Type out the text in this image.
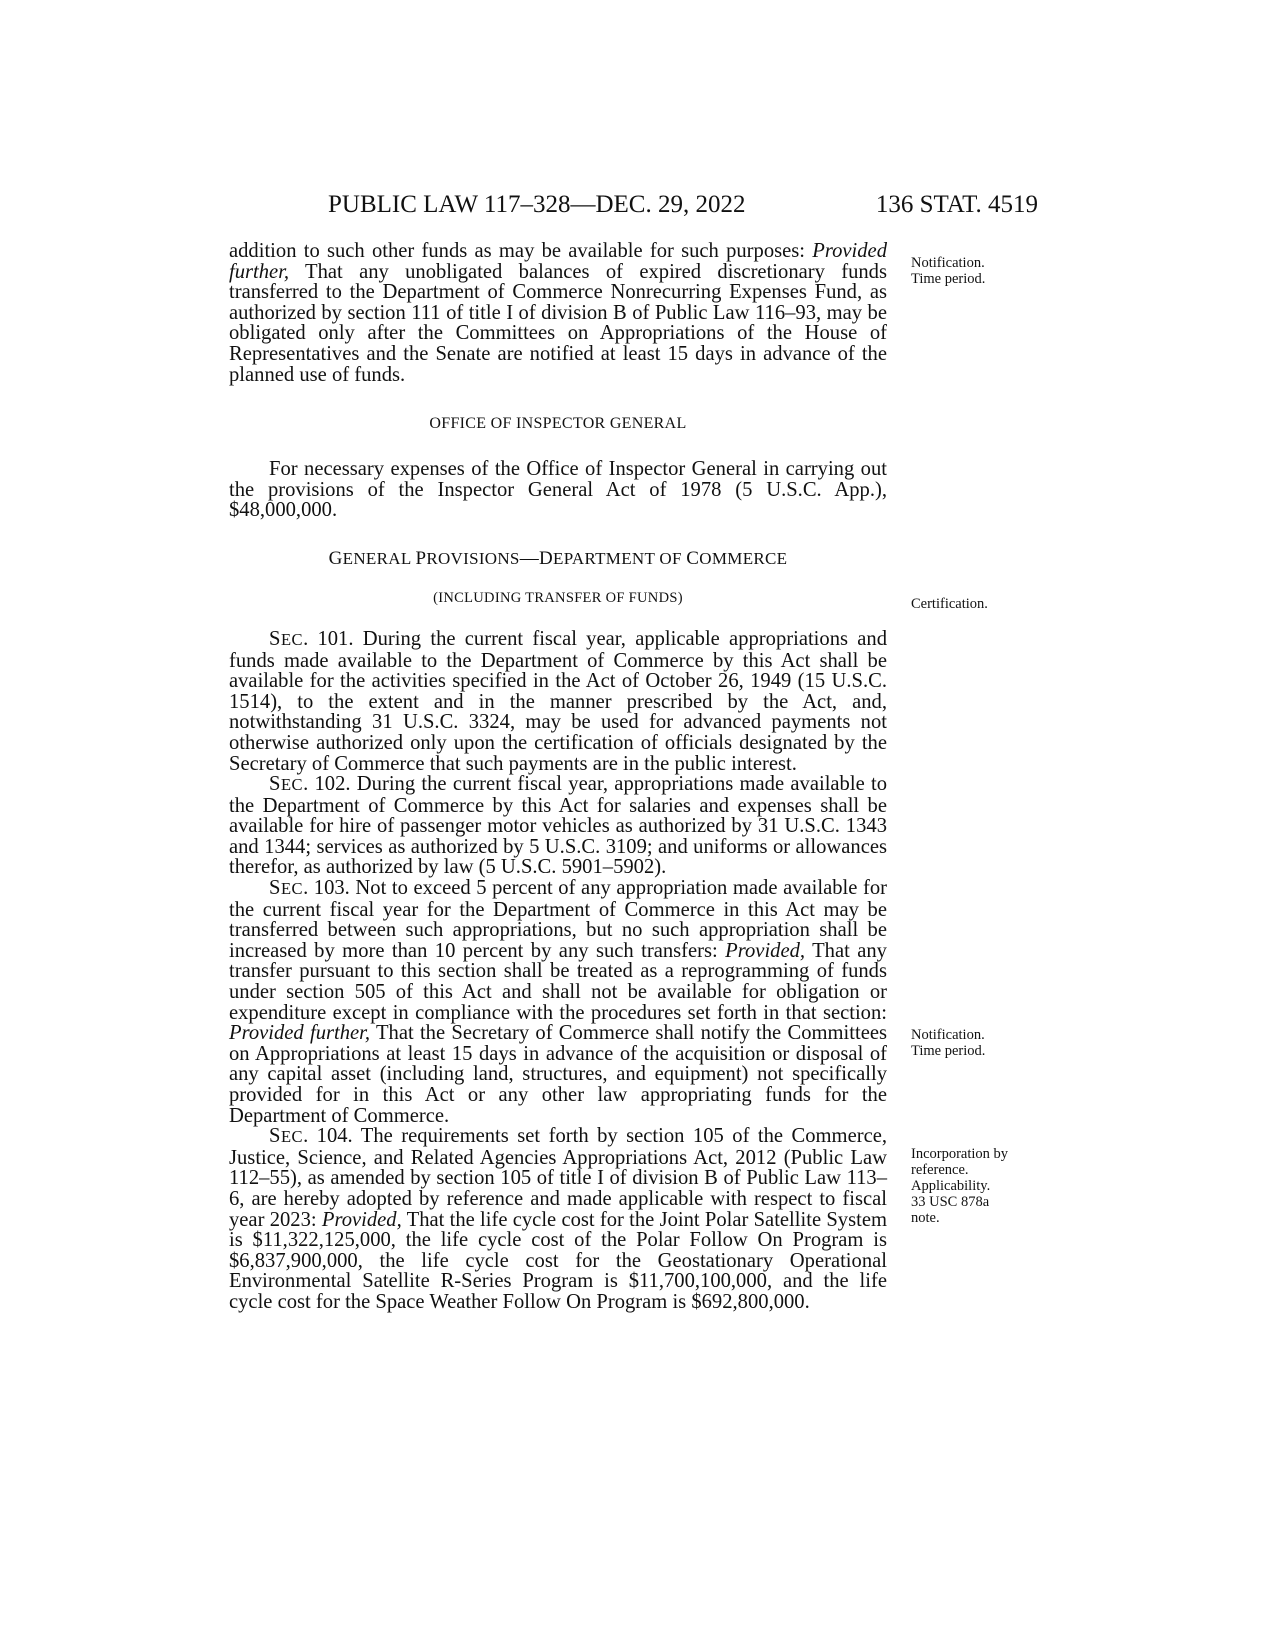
PUBLIC LAW 117–328—DEC. 29, 2022	136 STAT. 4519

addition to such other funds as may be available for such purposes: Provided further, That any unobligated balances of expired discretionary funds transferred to the Department of Commerce Nonrecurring Expenses Fund, as authorized by section 111 of title I of division B of Public Law 116–93, may be obligated only after the Committees on Appropriations of the House of Representatives and the Senate are notified at least 15 days in advance of the planned use of funds.

OFFICE OF INSPECTOR GENERAL

For necessary expenses of the Office of Inspector General in carrying out the provisions of the Inspector General Act of 1978 (5 U.S.C. App.), $48,000,000.

GENERAL PROVISIONS—DEPARTMENT OF COMMERCE
(INCLUDING TRANSFER OF FUNDS)

SEC. 101. During the current fiscal year, applicable appropriations and funds made available to the Department of Commerce by this Act shall be available for the activities specified in the Act of October 26, 1949 (15 U.S.C. 1514), to the extent and in the manner prescribed by the Act, and, notwithstanding 31 U.S.C. 3324, may be used for advanced payments not otherwise authorized only upon the certification of officials designated by the Secretary of Commerce that such payments are in the public interest.

SEC. 102. During the current fiscal year, appropriations made available to the Department of Commerce by this Act for salaries and expenses shall be available for hire of passenger motor vehicles as authorized by 31 U.S.C. 1343 and 1344; services as authorized by 5 U.S.C. 3109; and uniforms or allowances therefor, as authorized by law (5 U.S.C. 5901–5902).

SEC. 103. Not to exceed 5 percent of any appropriation made available for the current fiscal year for the Department of Commerce in this Act may be transferred between such appropriations, but no such appropriation shall be increased by more than 10 percent by any such transfers: Provided, That any transfer pursuant to this section shall be treated as a reprogramming of funds under section 505 of this Act and shall not be available for obligation or expenditure except in compliance with the procedures set forth in that section: Provided further, That the Secretary of Commerce shall notify the Committees on Appropriations at least 15 days in advance of the acquisition or disposal of any capital asset (including land, structures, and equipment) not specifically provided for in this Act or any other law appropriating funds for the Department of Commerce.

SEC. 104. The requirements set forth by section 105 of the Commerce, Justice, Science, and Related Agencies Appropriations Act, 2012 (Public Law 112–55), as amended by section 105 of title I of division B of Public Law 113–6, are hereby adopted by reference and made applicable with respect to fiscal year 2023: Provided, That the life cycle cost for the Joint Polar Satellite System is $11,322,125,000, the life cycle cost of the Polar Follow On Program is $6,837,900,000, the life cycle cost for the Geostationary Operational Environmental Satellite R-Series Program is $11,700,100,000, and the life cycle cost for the Space Weather Follow On Program is $692,800,000.

Notification.
Time period.
Certification.
Notification.
Time period.
Incorporation by
reference.
Applicability.
33 USC 878a
note.
